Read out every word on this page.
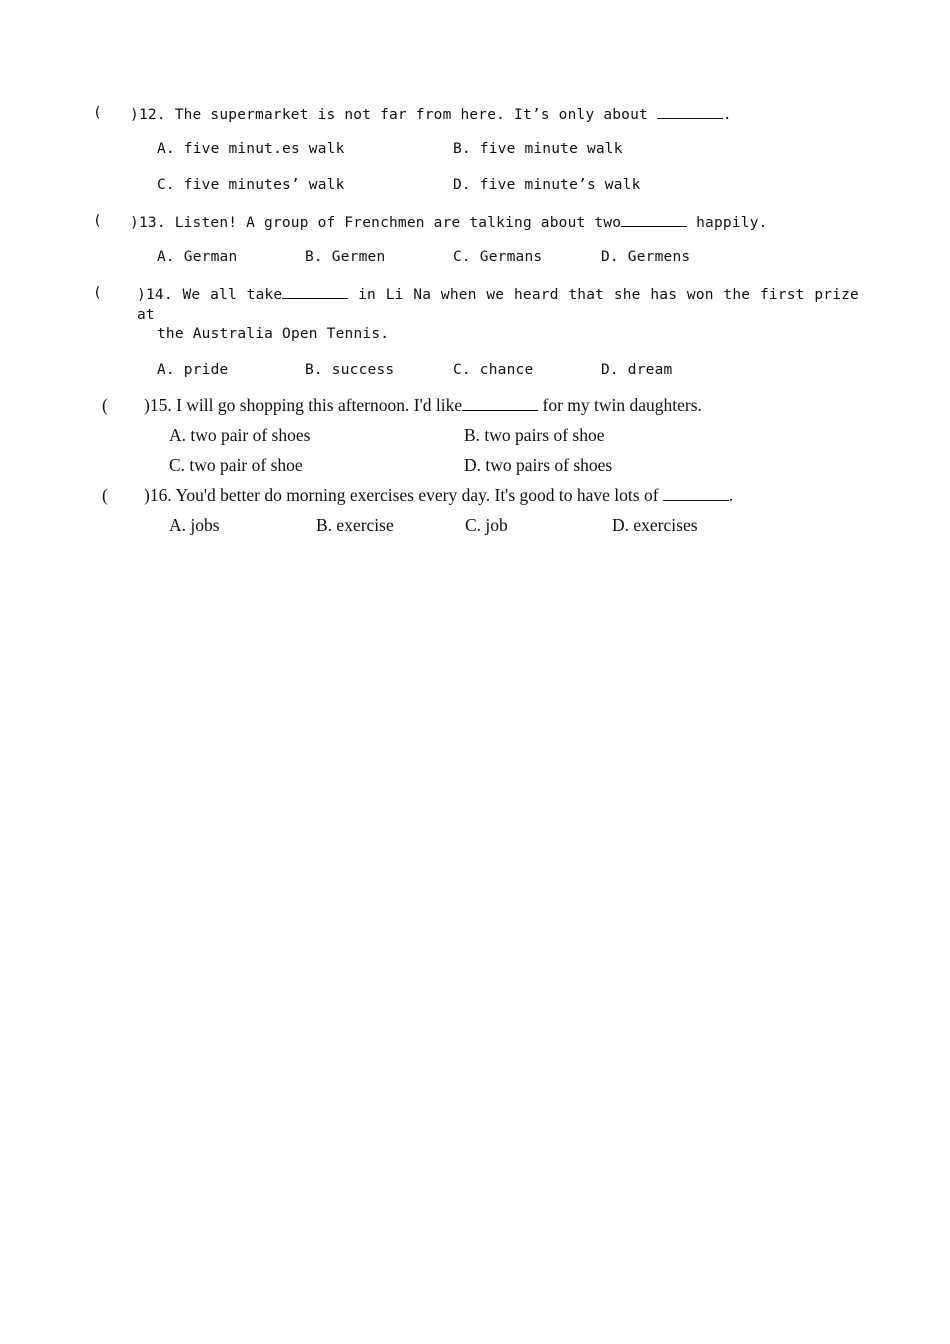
( )12. The supermarket is not far from here. It’s only about	.
A. five minut.es walk	B. five minute walk
C. five minutes’ walk	D. five minute’s walk
( )13. Listen! A group of Frenchmen are talking about two	happily.
A. German	B. Germen	C. Germans	D. Germens
( )14. We all take	in Li Na when we heard that she has won the first prize at
the Australia Open Tennis.
A. pride	B. success	C. chance	D. dream
( )15. I will go shopping this afternoon. I'd like	for my twin daughters.
A. two pair of shoes	B. two pairs of shoe
C. two pair of shoe	D. two pairs of shoes
( )16. You'd better do morning exercises every day. It's good to have lots of	.
A. jobs	B. exercise	C. job	D. exercises
